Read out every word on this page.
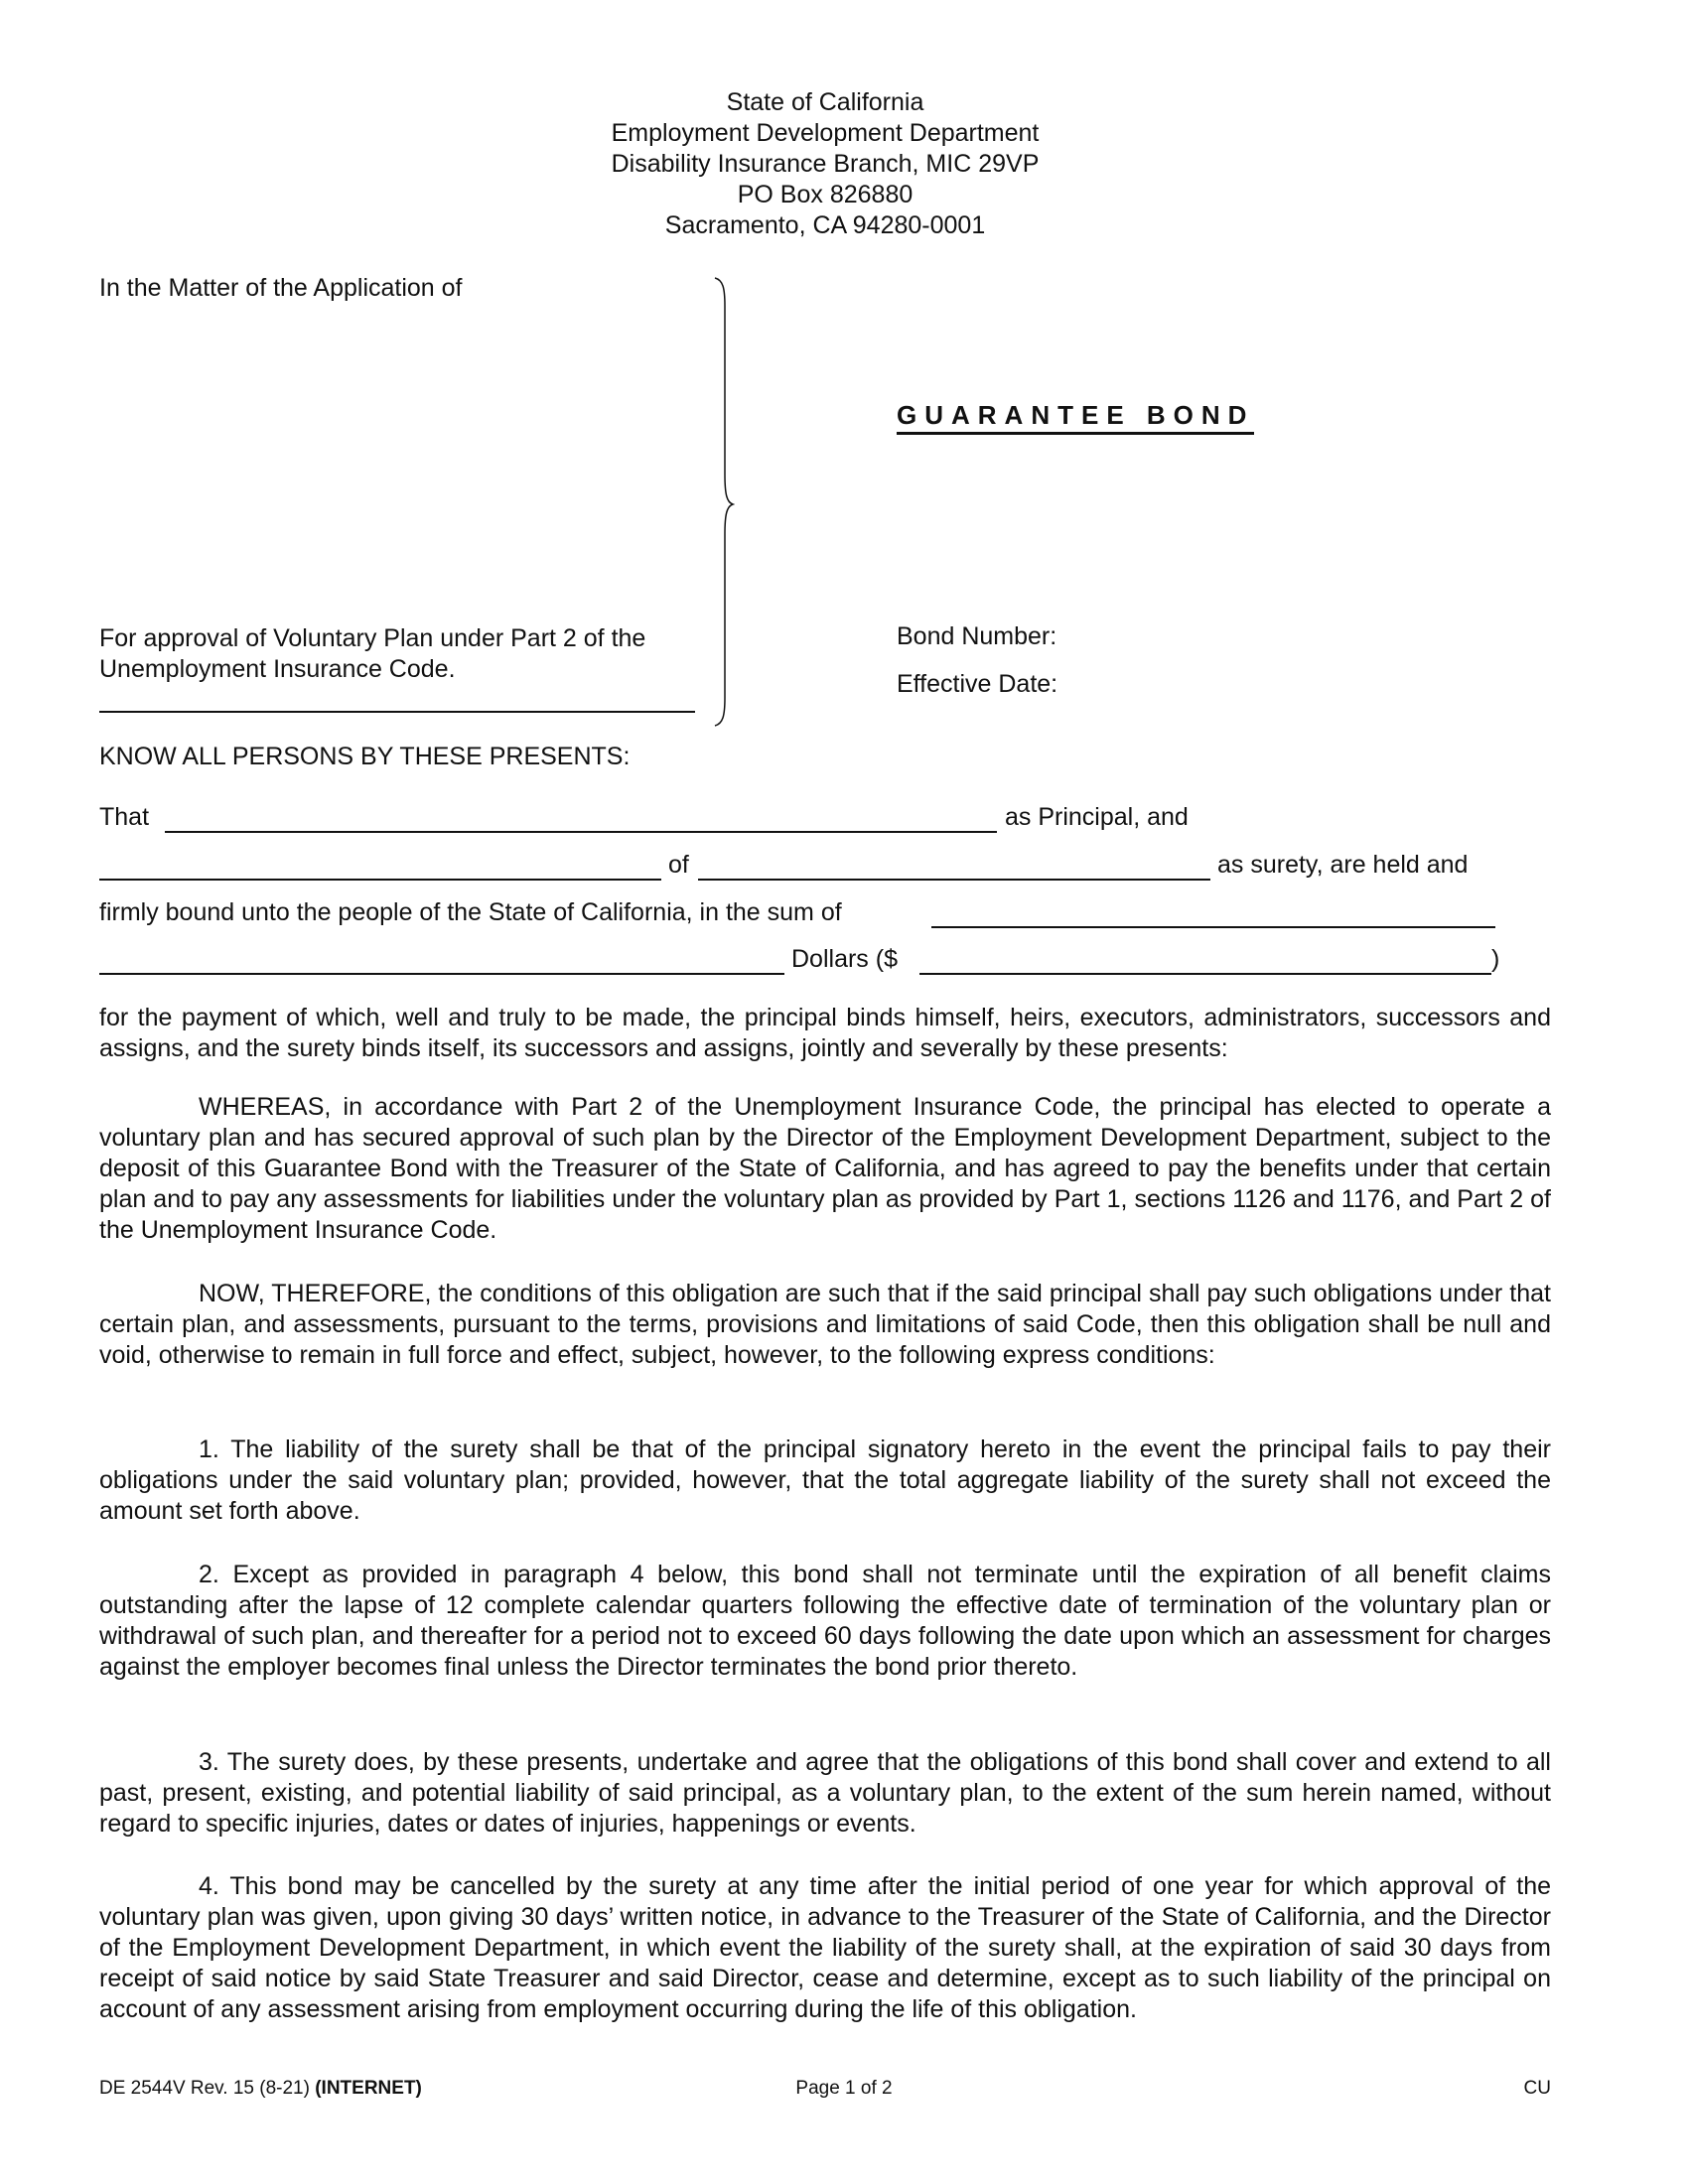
State of California
Employment Development Department
Disability Insurance Branch, MIC 29VP
PO Box 826880
Sacramento, CA 94280-0001
In the Matter of the Application of
For approval of Voluntary Plan under Part 2 of the
Unemployment Insurance Code.
GUARANTEE BOND
Bond Number:
Effective Date:
KNOW ALL PERSONS BY THESE PRESENTS:
That	as Principal, and
of	as surety, are held and
firmly bound unto the people of the State of California, in the sum of
Dollars ($	)
for the payment of which, well and truly to be made, the principal binds himself, heirs, executors, administrators, successors and assigns, and the surety binds itself, its successors and assigns, jointly and severally by these presents:
WHEREAS, in accordance with Part 2 of the Unemployment Insurance Code, the principal has elected to operate a voluntary plan and has secured approval of such plan by the Director of the Employment Development Department, subject to the deposit of this Guarantee Bond with the Treasurer of the State of California, and has agreed to pay the benefits under that certain plan and to pay any assessments for liabilities under the voluntary plan as provided by Part 1, sections 1126 and 1176, and Part 2 of the Unemployment Insurance Code.
NOW, THEREFORE, the conditions of this obligation are such that if the said principal shall pay such obligations under that certain plan, and assessments, pursuant to the terms, provisions and limitations of said Code, then this obligation shall be null and void, otherwise to remain in full force and effect, subject, however, to the following express conditions:
1. The liability of the surety shall be that of the principal signatory hereto in the event the principal fails to pay their obligations under the said voluntary plan; provided, however, that the total aggregate liability of the surety shall not exceed the amount set forth above.
2. Except as provided in paragraph 4 below, this bond shall not terminate until the expiration of all benefit claims outstanding after the lapse of 12 complete calendar quarters following the effective date of termination of the voluntary plan or withdrawal of such plan, and thereafter for a period not to exceed 60 days following the date upon which an assessment for charges against the employer becomes final unless the Director terminates the bond prior thereto.
3. The surety does, by these presents, undertake and agree that the obligations of this bond shall cover and extend to all past, present, existing, and potential liability of said principal, as a voluntary plan, to the extent of the sum herein named, without regard to specific injuries, dates or dates of injuries, happenings or events.
4. This bond may be cancelled by the surety at any time after the initial period of one year for which approval of the voluntary plan was given, upon giving 30 days’ written notice, in advance to the Treasurer of the State of California, and the Director of the Employment Development Department, in which event the liability of the surety shall, at the expiration of said 30 days from receipt of said notice by said State Treasurer and said Director, cease and determine, except as to such liability of the principal on account of any assessment arising from employment occurring during the life of this obligation.
DE 2544V Rev. 15 (8-21) (INTERNET)	Page 1 of 2	CU
